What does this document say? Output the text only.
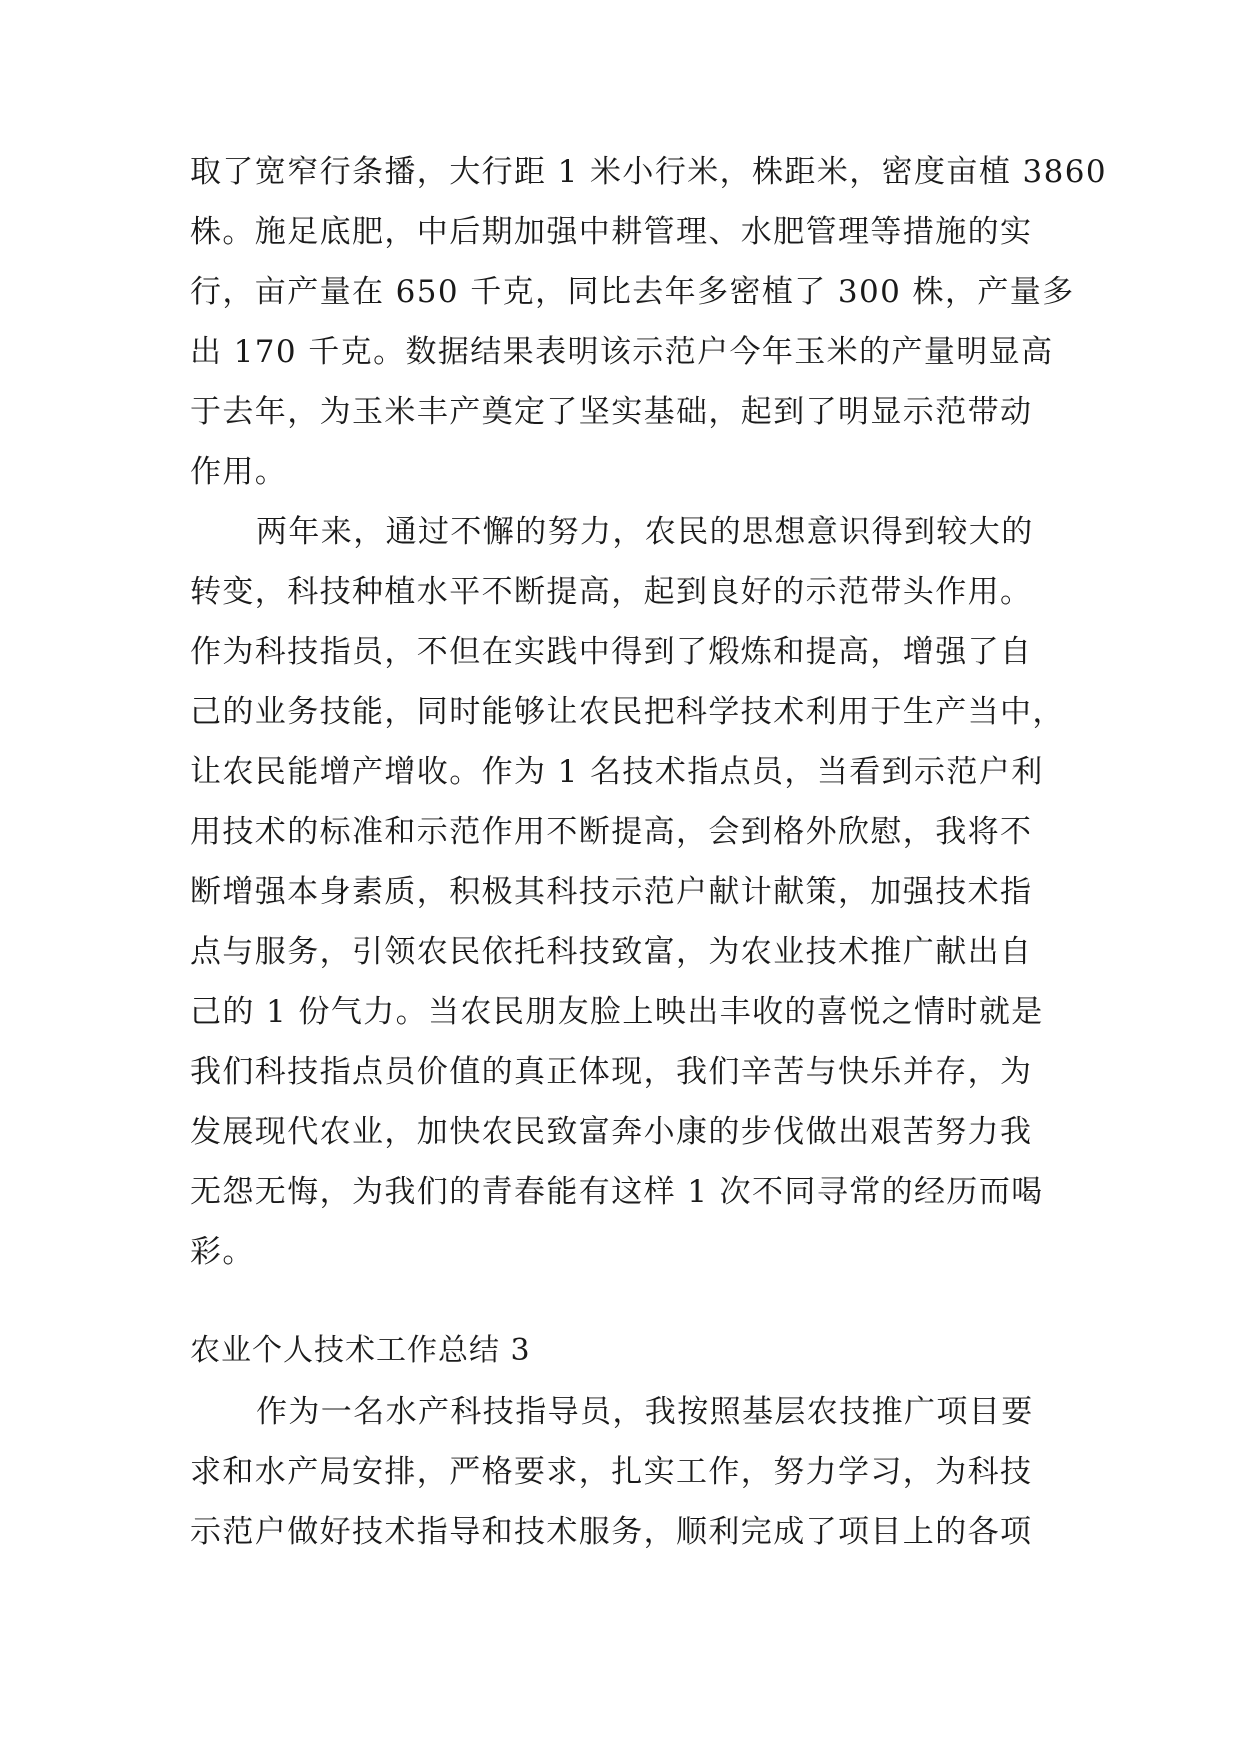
取了宽窄行条播，大行距 1 米小行米，株距米，密度亩植 3860
株。施足底肥，中后期加强中耕管理、水肥管理等措施的实
行，亩产量在 650 千克，同比去年多密植了 300 株，产量多
出 170 千克。数据结果表明该示范户今年玉米的产量明显高
于去年，为玉米丰产奠定了坚实基础，起到了明显示范带动
作用。
两年来，通过不懈的努力，农民的思想意识得到较大的
转变，科技种植水平不断提高，起到良好的示范带头作用。
作为科技指员，不但在实践中得到了煅炼和提高，增强了自
己的业务技能，同时能够让农民把科学技术利用于生产当中，
让农民能增产增收。作为 1 名技术指点员，当看到示范户利
用技术的标准和示范作用不断提高，会到格外欣慰，我将不
断增强本身素质，积极其科技示范户献计献策，加强技术指
点与服务，引领农民依托科技致富，为农业技术推广献出自
己的 1 份气力。当农民朋友脸上映出丰收的喜悦之情时就是
我们科技指点员价值的真正体现，我们辛苦与快乐并存，为
发展现代农业，加快农民致富奔小康的步伐做出艰苦努力我
无怨无悔，为我们的青春能有这样 1 次不同寻常的经历而喝
彩。
农业个人技术工作总结 3
作为一名水产科技指导员，我按照基层农技推广项目要
求和水产局安排，严格要求，扎实工作，努力学习，为科技
示范户做好技术指导和技术服务，顺利完成了项目上的各项
